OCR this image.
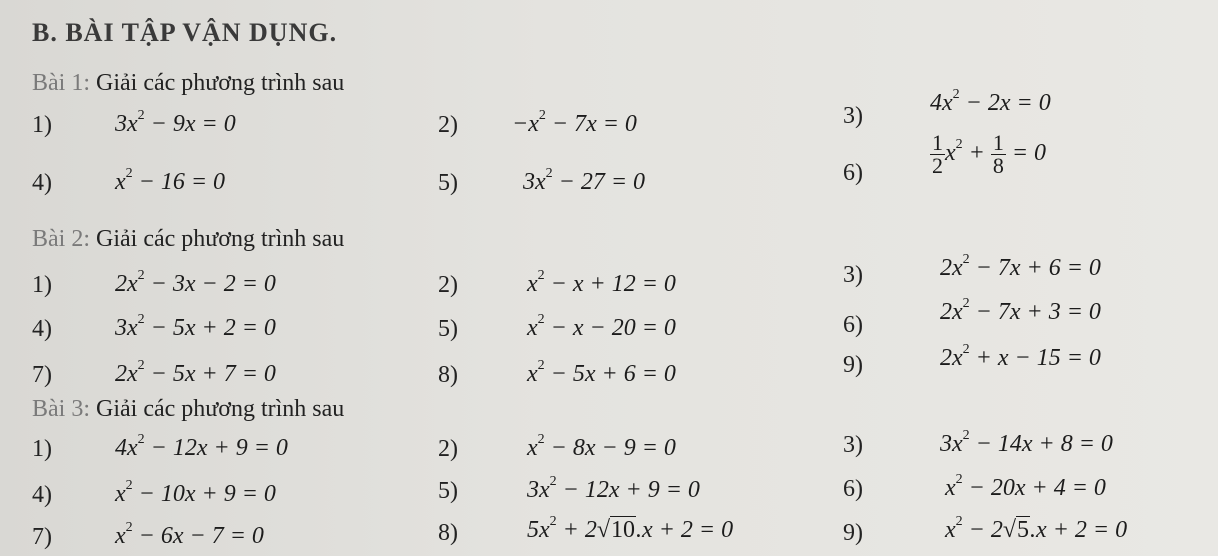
B. BÀI TẬP VẬN DỤNG.
Bài 1: Giải các phương trình sau
1)	$3x^2 - 9x = 0$	$2) -x^2 - 7x = 0$	3)	$4x^2 - 2x = 0$
4)	$x^2 - 16 = 0$	5)	$3x^2 - 27 = 0$	6)	$\frac{1}{2} x^2 + \frac{1}{8} = 0$
Bài 2: Giải các phương trình sau
1)	$2x^2 - 3x - 2 = 0$	2)	$x^2 - x + 12 = 0$	3)	$2x^2 - 7x + 6 = 0$
4)	$3x^2 - 5x + 2 = 0$	5)	$x^2 - x - 20 = 0$	6)	$2x^2 - 7x + 3 = 0$
7)	$2x^2 - 5x + 7 = 0$	8)	$x^2 - 5x + 6 = 0$	9)	$2x^2 + x - 15 = 0$
Bài 3: Giải các phương trình sau
1)	$4x^2 - 12x + 9 = 0$	2)	$x^2 - 8x - 9 = 0$	3)	$3x^2 - 14x + 8 = 0$
4)	$x^2 - 10x + 9 = 0$	5)	$3x^2 - 12x + 9 = 0$	6)	$x^2 - 20x + 4 = 0$
7)	$x^2 - 6x - 7 = 0$	8)	$5x^2 + 2√10.x + 2 = 0$	9)	$x^2 - 2√5.x + 2 = 0$
